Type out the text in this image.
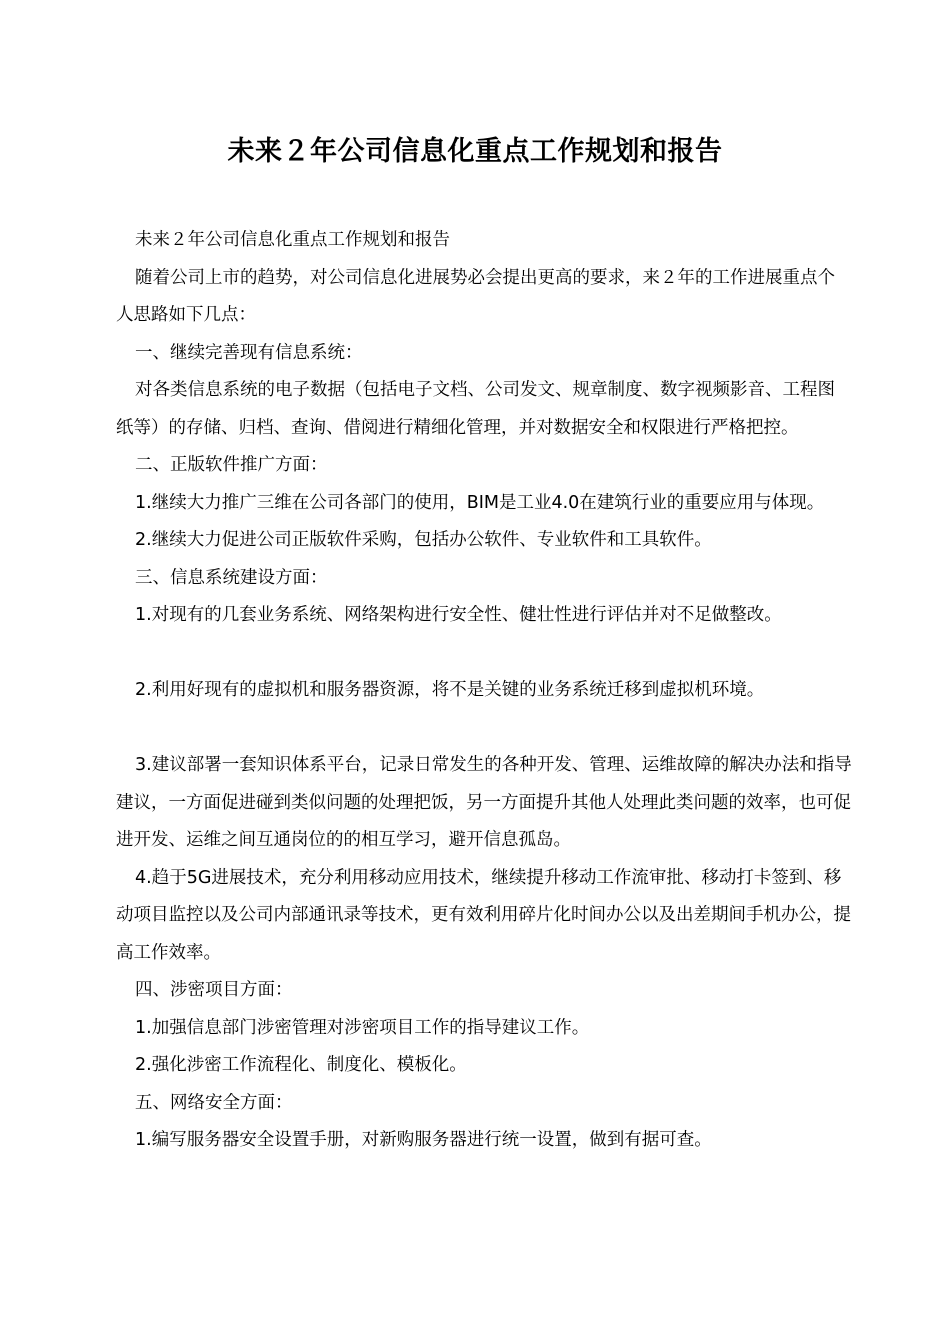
未来２年公司信息化重点工作规划和报告

未来２年公司信息化重点工作规划和报告

随着公司上市的趋势，对公司信息化进展势必会提出更高的要求，来２年的工作进展重点个人思路如下几点：

一、继续完善现有信息系统：

对各类信息系统的电子数据（包括电子文档、公司发文、规章制度、数字视频影音、工程图纸等）的存储、归档、查询、借阅进行精细化管理，并对数据安全和权限进行严格把控。

二、正版软件推广方面：

1.继续大力推广三维在公司各部门的使用，BIM是工业4.0在建筑行业的重要应用与体现。

2.继续大力促进公司正版软件采购，包括办公软件、专业软件和工具软件。

三、信息系统建设方面：

1.对现有的几套业务系统、网络架构进行安全性、健壮性进行评估并对不足做整改。

2.利用好现有的虚拟机和服务器资源，将不是关键的业务系统迁移到虚拟机环境。

3.建议部署一套知识体系平台，记录日常发生的各种开发、管理、运维故障的解决办法和指导建议，一方面促进碰到类似问题的处理把饭，另一方面提升其他人处理此类问题的效率，也可促进开发、运维之间互通岗位的的相互学习，避开信息孤岛。

4.趋于5G进展技术，充分利用移动应用技术，继续提升移动工作流审批、移动打卡签到、移动项目监控以及公司内部通讯录等技术，更有效利用碎片化时间办公以及出差期间手机办公，提高工作效率。

四、涉密项目方面：

1.加强信息部门涉密管理对涉密项目工作的指导建议工作。

2.强化涉密工作流程化、制度化、模板化。

五、网络安全方面：

1.编写服务器安全设置手册，对新购服务器进行统一设置，做到有据可查。
